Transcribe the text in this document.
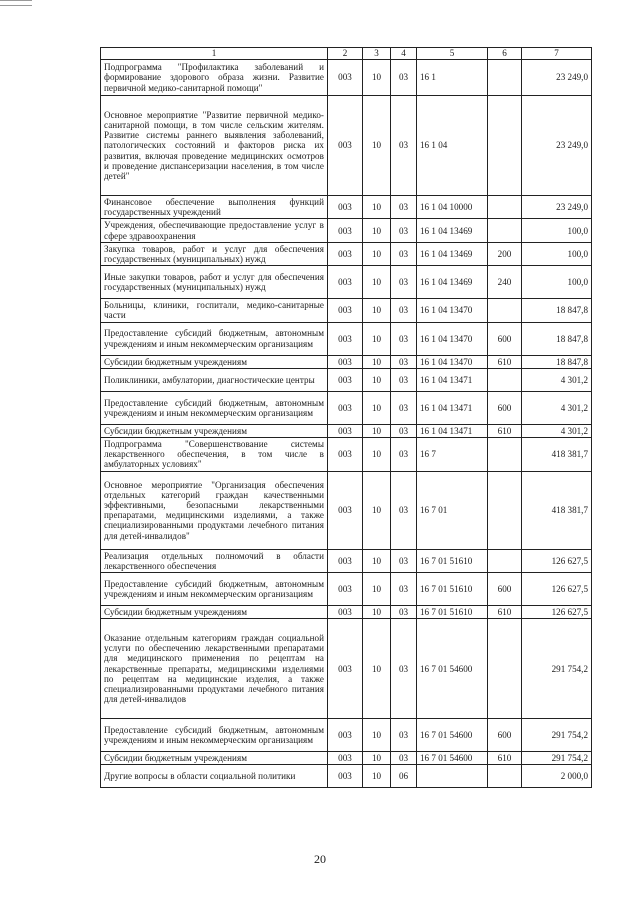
1	2	3	4	5	6	7
Подпрограмма "Профилактика заболеваний и формирование здорового образа жизни. Развитие первичной медико-санитарной помощи"	003	10	03	16 1		23 249,0
Основное мероприятие "Развитие первичной медико-санитарной помощи, в том числе сельским жителям. Развитие системы раннего выявления заболеваний, патологических состояний и факторов риска их развития, включая проведение медицинских осмотров и проведение диспансеризации населения, в том числе детей"	003	10	03	16 1 04		23 249,0
Финансовое обеспечение выполнения функций государственных учреждений	003	10	03	16 1 04 10000		23 249,0
Учреждения, обеспечивающие предоставление услуг в сфере здравоохранения	003	10	03	16 1 04 13469		100,0
Закупка товаров, работ и услуг для обеспечения государственных (муниципальных) нужд	003	10	03	16 1 04 13469	200	100,0
Иные закупки товаров, работ и услуг для обеспечения государственных (муниципальных) нужд	003	10	03	16 1 04 13469	240	100,0
Больницы, клиники, госпитали, медико-санитарные части	003	10	03	16 1 04 13470		18 847,8
Предоставление субсидий бюджетным, автономным учреждениям и иным некоммерческим организациям	003	10	03	16 1 04 13470	600	18 847,8
Субсидии бюджетным учреждениям	003	10	03	16 1 04 13470	610	18 847,8
Поликлиники, амбулатории, диагностические центры	003	10	03	16 1 04 13471		4 301,2
Предоставление субсидий бюджетным, автономным учреждениям и иным некоммерческим организациям	003	10	03	16 1 04 13471	600	4 301,2
Субсидии бюджетным учреждениям	003	10	03	16 1 04 13471	610	4 301,2
Подпрограмма "Совершенствование системы лекарственного обеспечения, в том числе в амбулаторных условиях"	003	10	03	16 7		418 381,7
Основное мероприятие "Организация обеспечения отдельных категорий граждан качественными эффективными, безопасными лекарственными препаратами, медицинскими изделиями, а также специализированными продуктами лечебного питания для детей-инвалидов"	003	10	03	16 7 01		418 381,7
Реализация отдельных полномочий в области лекарственного обеспечения	003	10	03	16 7 01 51610		126 627,5
Предоставление субсидий бюджетным, автономным учреждениям и иным некоммерческим организациям	003	10	03	16 7 01 51610	600	126 627,5
Субсидии бюджетным учреждениям	003	10	03	16 7 01 51610	610	126 627,5
Оказание отдельным категориям граждан социальной услуги по обеспечению лекарственными препаратами для медицинского применения по рецептам на лекарственные препараты, медицинскими изделиями по рецептам на медицинские изделия, а также специализированными продуктами лечебного питания для детей-инвалидов	003	10	03	16 7 01 54600		291 754,2
Предоставление субсидий бюджетным, автономным учреждениям и иным некоммерческим организациям	003	10	03	16 7 01 54600	600	291 754,2
Субсидии бюджетным учреждениям	003	10	03	16 7 01 54600	610	291 754,2
Другие вопросы в области социальной политики	003	10	06			2 000,0
20
